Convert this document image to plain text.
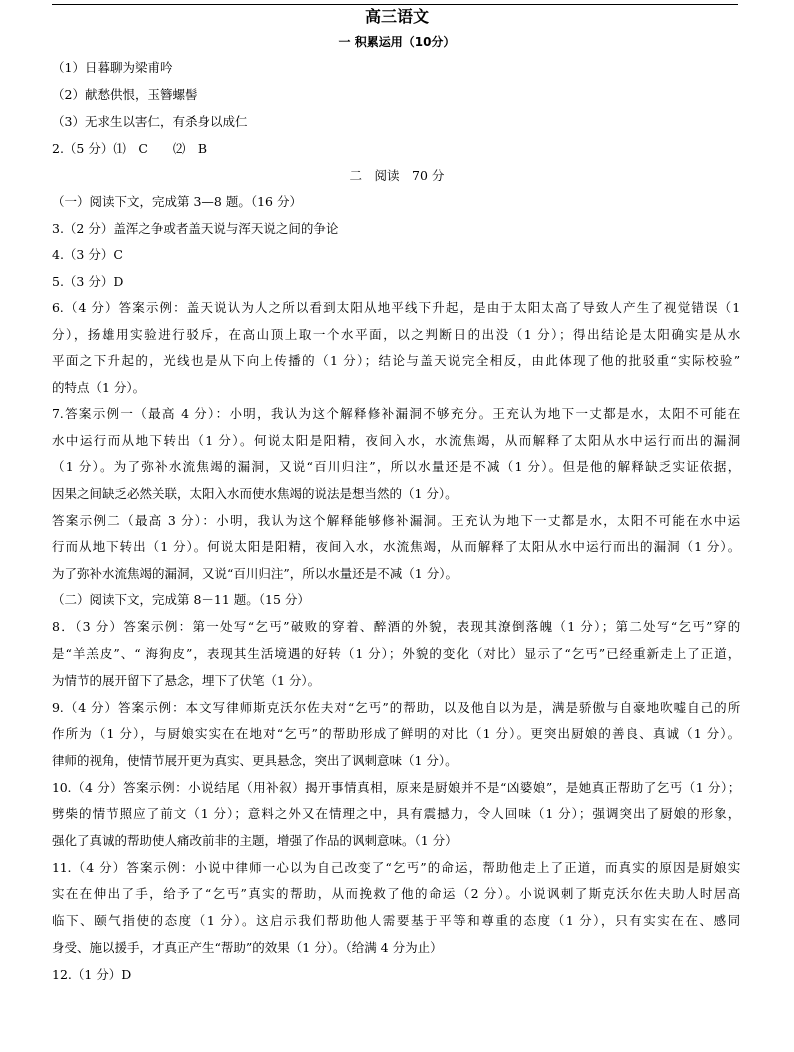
高三语文
一 积累运用（10分）
（1）日暮聊为梁甫吟
（2）献愁供恨，玉簪螺髻
（3）无求生以害仁，有杀身以成仁
2.（5 分）⑴　C　　⑵　B
二　阅读　70 分
（一）阅读下文，完成第 3—8 题。（16 分）
3.（2 分）盖浑之争或者盖天说与浑天说之间的争论
4.（3 分）C
5.（3 分）D
6.（4 分）答案示例：盖天说认为人之所以看到太阳从地平线下升起，是由于太阳太高了导致人产生了视觉错误（1
分），扬雄用实验进行驳斥，在高山顶上取一个水平面，以之判断日的出没（1 分）；得出结论是太阳确实是从水
平面之下升起的，光线也是从下向上传播的（1 分）；结论与盖天说完全相反，由此体现了他的批驳重“实际校验”
的特点（1 分）。
7.答案示例一（最高 4 分）：小明，我认为这个解释修补漏洞不够充分。王充认为地下一丈都是水，太阳不可能在
水中运行而从地下转出（1 分）。何说太阳是阳精，夜间入水，水流焦竭，从而解释了太阳从水中运行而出的漏洞
（1 分）。为了弥补水流焦竭的漏洞，又说“百川归注”，所以水量还是不减（1 分）。但是他的解释缺乏实证依据，
因果之间缺乏必然关联，太阳入水而使水焦竭的说法是想当然的（1 分）。
答案示例二（最高 3 分）：小明，我认为这个解释能够修补漏洞。王充认为地下一丈都是水，太阳不可能在水中运
行而从地下转出（1 分）。何说太阳是阳精，夜间入水，水流焦竭，从而解释了太阳从水中运行而出的漏洞（1 分）。
为了弥补水流焦竭的漏洞，又说“百川归注”，所以水量还是不减（1 分）。
（二）阅读下文，完成第 8－11 题。（15 分）
8．（3 分）答案示例：第一处写“乞丐”破败的穿着、醉酒的外貌，表现其潦倒落魄（1 分）；第二处写“乞丐”穿的
是“羊羔皮”、“ 海狗皮”，表现其生活境遇的好转（1 分）；外貌的变化（对比）显示了“乞丐”已经重新走上了正道，
为情节的展开留下了悬念，埋下了伏笔（1 分）。
9.（4 分）答案示例：本文写律师斯克沃尔佐夫对“乞丐”的帮助，以及他自以为是，满是骄傲与自豪地吹嘘自己的所
作所为（1 分），与厨娘实实在在地对“乞丐”的帮助形成了鲜明的对比（1 分）。更突出厨娘的善良、真诚（1 分）。
律师的视角，使情节展开更为真实、更具悬念，突出了讽刺意味（1 分）。
10.（4 分）答案示例：小说结尾（用补叙）揭开事情真相，原来是厨娘并不是“凶婆娘”，是她真正帮助了乞丐（1 分）；
劈柴的情节照应了前文（1 分）；意料之外又在情理之中，具有震撼力，令人回味（1 分）；强调突出了厨娘的形象，
强化了真诚的帮助使人痛改前非的主题，增强了作品的讽刺意味。（1 分）
11.（4 分）答案示例：小说中律师一心以为自己改变了“乞丐”的命运，帮助他走上了正道，而真实的原因是厨娘实
实在在伸出了手，给予了“乞丐”真实的帮助，从而挽救了他的命运（2 分）。小说讽刺了斯克沃尔佐夫助人时居高
临下、颐气指使的态度（1 分）。这启示我们帮助他人需要基于平等和尊重的态度（1 分），只有实实在在、感同
身受、施以援手，才真正产生“帮助”的效果（1 分）。（给满 4 分为止）
12.（1 分）D
